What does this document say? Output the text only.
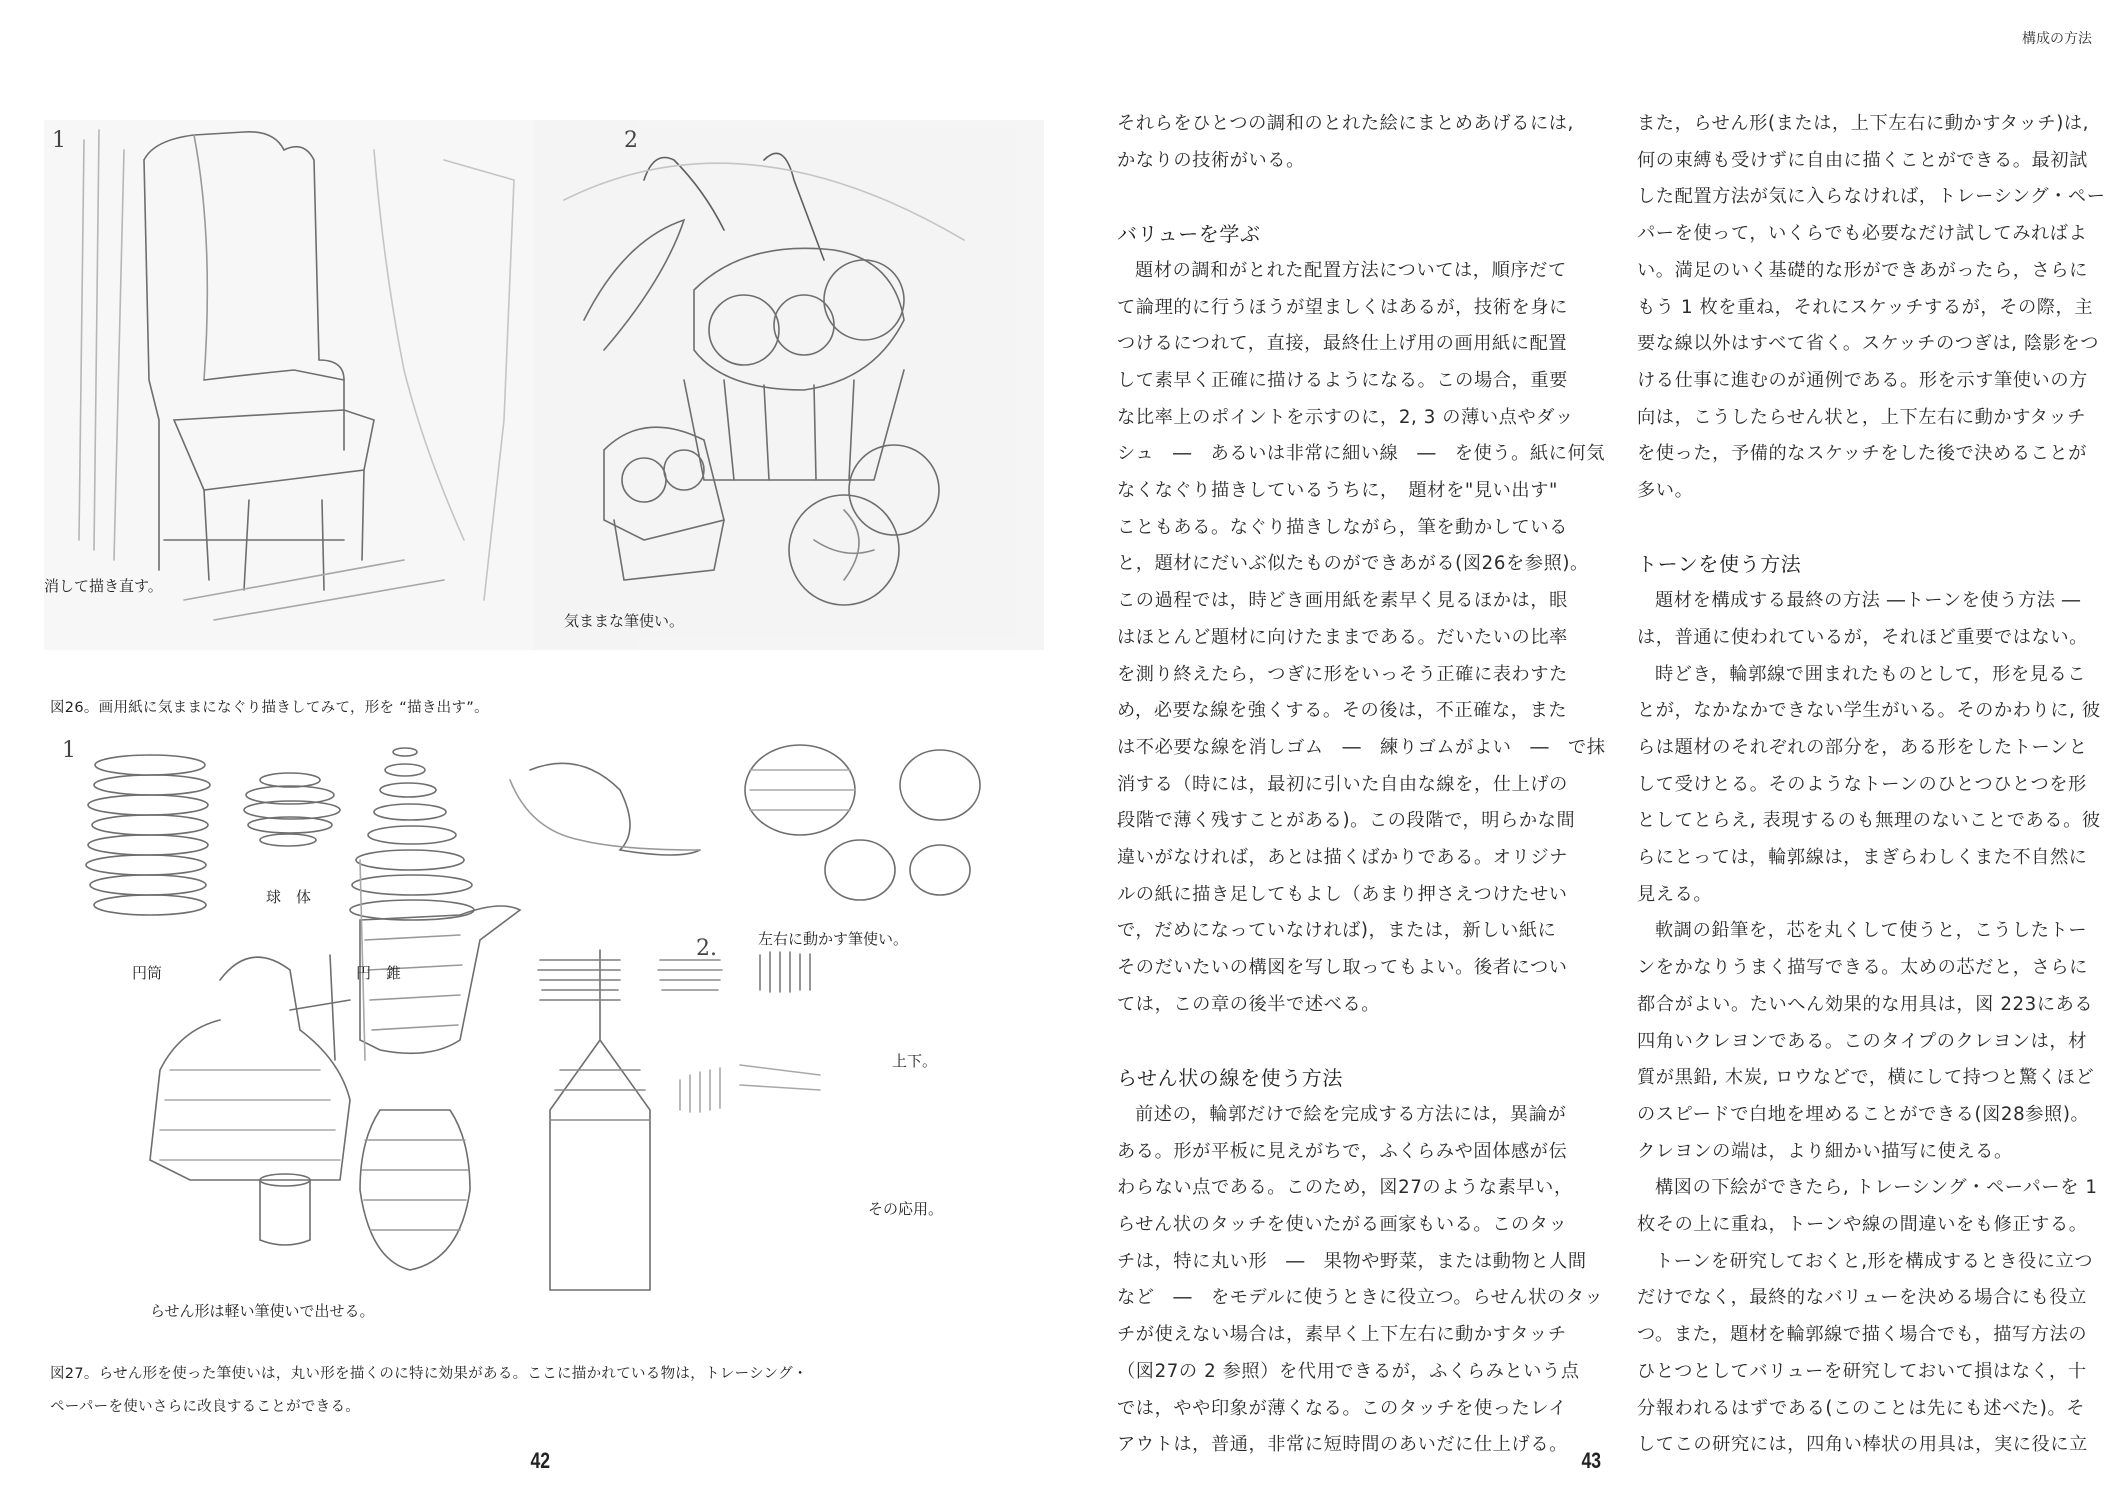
1	2
消して描き直す。
気ままな筆使い。
図26。画用紙に気ままになぐり描きしてみて，形を “描き出す”。
1
2.
球　体
円筒	円　錐
左右に動かす筆使い。
上下。
その応用。
らせん形は軽い筆使いで出せる。
図27。らせん形を使った筆使いは，丸い形を描くのに特に効果がある。ここに描かれている物は，トレーシング・
ペーパーを使いさらに改良することができる。
42
構成の方法

それらをひとつの調和のとれた絵にまとめあげるには,

かなりの技術がいる。

バリューを学ぶ

題材の調和がとれた配置方法については，順序だて

て論理的に行うほうが望ましくはあるが，技術を身に

つけるにつれて，直接，最終仕上げ用の画用紙に配置

して素早く正確に描けるようになる。この場合，重要

な比率上のポイントを示すのに，2, 3 の薄い点やダッ

シュ　―　あるいは非常に細い線　―　を使う。紙に何気

なくなぐり描きしているうちに，　題材を"見い出す"

こともある。なぐり描きしながら，筆を動かしている

と，題材にだいぶ似たものができあがる(図26を参照)。

この過程では，時どき画用紙を素早く見るほかは，眼

はほとんど題材に向けたままである。だいたいの比率

を測り終えたら，つぎに形をいっそう正確に表わすた

め，必要な線を強くする。その後は，不正確な，また

は不必要な線を消しゴム　―　練りゴムがよい　―　で抹

消する（時には，最初に引いた自由な線を，仕上げの

段階で薄く残すことがある)。この段階で，明らかな間

違いがなければ，あとは描くばかりである。オリジナ

ルの紙に描き足してもよし（あまり押さえつけたせい

で，だめになっていなければ)，または，新しい紙に

そのだいたいの構図を写し取ってもよい。後者につい

ては，この章の後半で述べる。

らせん状の線を使う方法

前述の，輪郭だけで絵を完成する方法には，異論が

ある。形が平板に見えがちで，ふくらみや固体感が伝

わらない点である。このため，図27のような素早い，

らせん状のタッチを使いたがる画家もいる。このタッ

チは，特に丸い形　―　果物や野菜，または動物と人間

など　―　をモデルに使うときに役立つ。らせん状のタッ

チが使えない場合は，素早く上下左右に動かすタッチ

（図27の 2 参照）を代用できるが，ふくらみという点

では，やや印象が薄くなる。このタッチを使ったレイ

アウトは，普通，非常に短時間のあいだに仕上げる。

また，らせん形(または，上下左右に動かすタッチ)は,

何の束縛も受けずに自由に描くことができる。最初試

した配置方法が気に入らなければ，トレーシング・ペー

パーを使って，いくらでも必要なだけ試してみればよ

い。満足のいく基礎的な形ができあがったら，さらに

もう 1 枚を重ね，それにスケッチするが，その際，主

要な線以外はすべて省く。スケッチのつぎは, 陰影をつ

ける仕事に進むのが通例である。形を示す筆使いの方

向は，こうしたらせん状と，上下左右に動かすタッチ

を使った，予備的なスケッチをした後で決めることが

多い。

トーンを使う方法

題材を構成する最終の方法 ―トーンを使う方法 ―

は，普通に使われているが，それほど重要ではない。

時どき，輪郭線で囲まれたものとして，形を見るこ

とが，なかなかできない学生がいる。そのかわりに, 彼

らは題材のそれぞれの部分を，ある形をしたトーンと

して受けとる。そのようなトーンのひとつひとつを形

としてとらえ, 表現するのも無理のないことである。彼

らにとっては，輪郭線は，まぎらわしくまた不自然に

見える。

軟調の鉛筆を，芯を丸くして使うと，こうしたトー

ンをかなりうまく描写できる。太めの芯だと，さらに

都合がよい。たいへん効果的な用具は，図 223にある

四角いクレヨンである。このタイプのクレヨンは，材

質が黒鉛, 木炭, ロウなどで，横にして持つと驚くほど

のスピードで白地を埋めることができる(図28参照)。

クレヨンの端は，より細かい描写に使える。

構図の下絵ができたら, トレーシング・ペーパーを 1

枚その上に重ね，トーンや線の間違いをも修正する。

トーンを研究しておくと,形を構成するとき役に立つ

だけでなく，最終的なバリューを決める場合にも役立

つ。また，題材を輪郭線で描く場合でも，描写方法の

ひとつとしてバリューを研究しておいて損はなく，十

分報われるはずである(このことは先にも述べた)。そ

してこの研究には，四角い棒状の用具は，実に役に立

43
